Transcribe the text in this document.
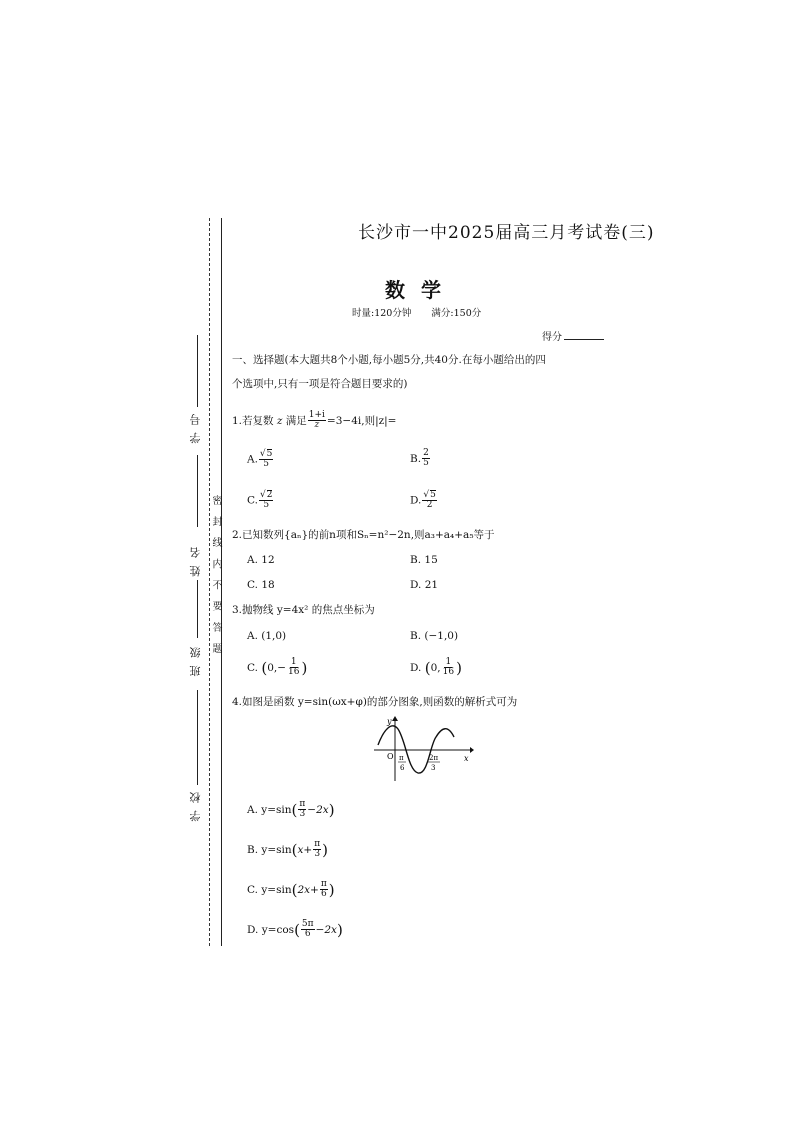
学 号
姓 名
班 级
学 校
密 封 线 内 不 要 答 题
长沙市一中2025届高三月考试卷(三)
数学
时量:120分钟 满分:150分
得分
一、选择题(本大题共8个小题,每小题5分,共40分.在每小题给出的四
个选项中,只有一项是符合题目要求的)
1.若复数 z 满足 $\frac{1+i}{z} =3-4i$,则|z|=
A. $\frac{√5}{5}$	B. $\frac{2}{5}$
C. $\frac{√2}{5}$	D. $\frac{√5}{2}$
2.已知数列{aₙ}的前n项和Sₙ=n²−2n,则a₃+a₄+a₅等于
A. 12	B. 15
C. 18	D. 21
3.抛物线 y=4x² 的焦点坐标为
A. (1,0)	B. (−1,0)
C. ($0,- \frac{1}{16}$ )	D. (0, $\frac{1}{16}$ )
4.如图是函数 y=sin(ωx+φ)的部分图象,则函数的解析式可为
y
x
O π
6
2π
3
A. $y=\sin( \frac{\pi}{3} -2x)$
B. $y=\sin(x+ \frac{\pi}{3}$ )
C. $y=\sin(2x+ \frac{\pi}{6}$ )
D. $y=\cos( \frac{5\pi}{6} -2x)$
